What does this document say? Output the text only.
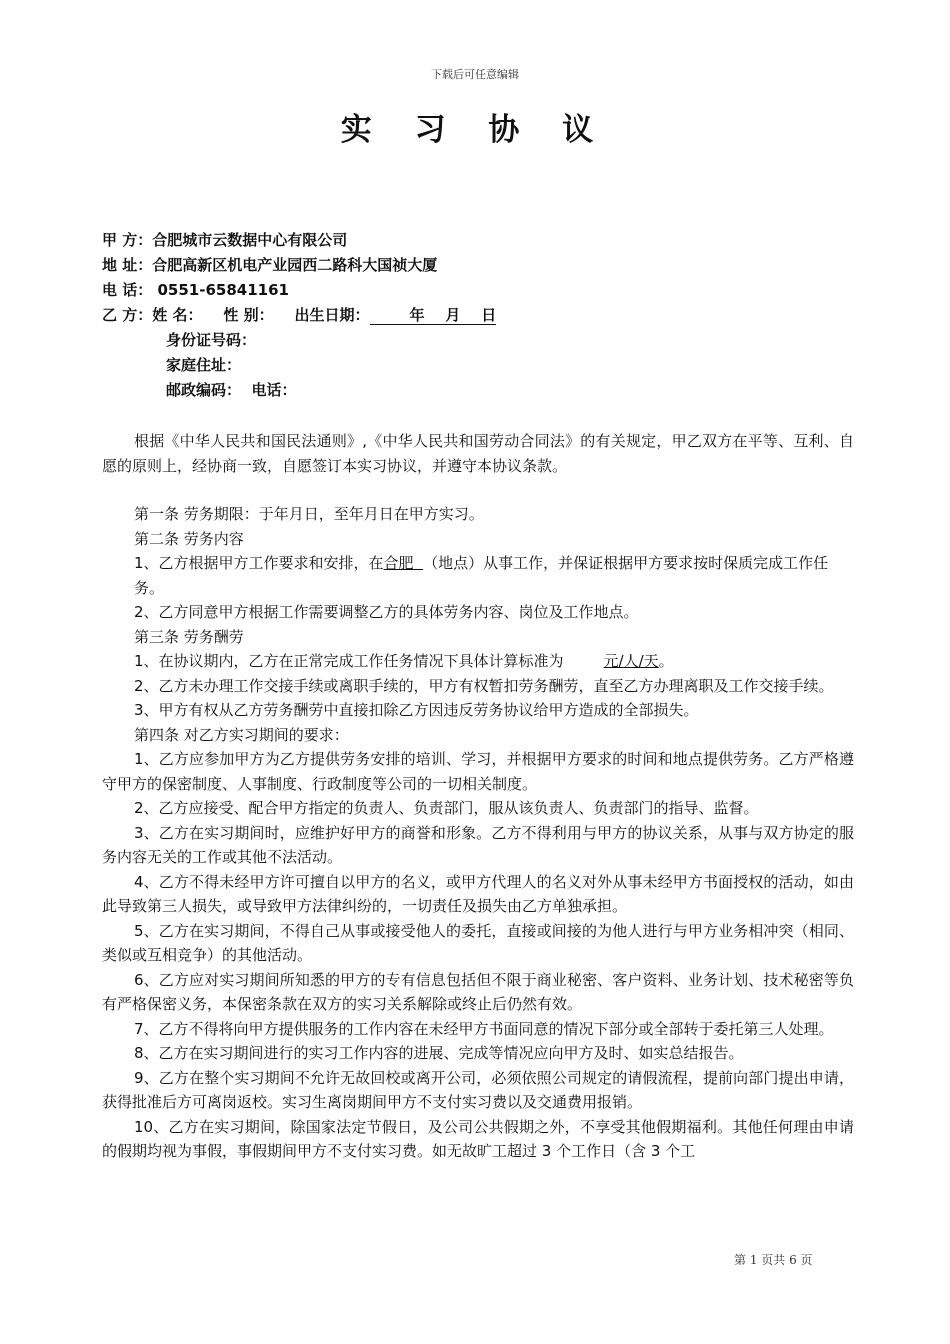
下载后可任意编辑
实 习 协 议
甲 方：合肥城市云数据中心有限公司
地 址：合肥高新区机电产业园西二路科大国祯大厦
电 话： 0551-65841161
乙 方：姓 名： 性 别： 出生日期：	年    月    日
身份证号码：
家庭住址：
邮政编码： 电话：

根据《中华人民共和国民法通则》,《中华人民共和国劳动合同法》的有关规定，甲乙双方在平等、互利、自愿的原则上，经协商一致，自愿签订本实习协议，并遵守本协议条款。

第一条 劳务期限：于年月日，至年月日在甲方实习。

第二条 劳务内容

1、乙方根据甲方工作要求和安排，在合肥  （地点）从事工作，并保证根据甲方要求按时保质完成工作任务。

2、乙方同意甲方根据工作需要调整乙方的具体劳务内容、岗位及工作地点。

第三条 劳务酬劳

1、在协议期内，乙方在正常完成工作任务情况下具体计算标准为	元/人/天。

2、乙方未办理工作交接手续或离职手续的，甲方有权暂扣劳务酬劳，直至乙方办理离职及工作交接手续。

3、甲方有权从乙方劳务酬劳中直接扣除乙方因违反劳务协议给甲方造成的全部损失。

第四条 对乙方实习期间的要求：

1、乙方应参加甲方为乙方提供劳务安排的培训、学习，并根据甲方要求的时间和地点提供劳务。乙方严格遵守甲方的保密制度、人事制度、行政制度等公司的一切相关制度。

2、乙方应接受、配合甲方指定的负责人、负责部门，服从该负责人、负责部门的指导、监督。

3、乙方在实习期间时，应维护好甲方的商誉和形象。乙方不得利用与甲方的协议关系，从事与双方协定的服务内容无关的工作或其他不法活动。

4、乙方不得未经甲方许可擅自以甲方的名义，或甲方代理人的名义对外从事未经甲方书面授权的活动，如由此导致第三人损失，或导致甲方法律纠纷的，一切责任及损失由乙方单独承担。

5、乙方在实习期间，不得自己从事或接受他人的委托，直接或间接的为他人进行与甲方业务相冲突（相同、类似或互相竞争）的其他活动。

6、乙方应对实习期间所知悉的甲方的专有信息包括但不限于商业秘密、客户资料、业务计划、技术秘密等负有严格保密义务，本保密条款在双方的实习关系解除或终止后仍然有效。

7、乙方不得将向甲方提供服务的工作内容在未经甲方书面同意的情况下部分或全部转于委托第三人处理。

8、乙方在实习期间进行的实习工作内容的进展、完成等情况应向甲方及时、如实总结报告。

9、乙方在整个实习期间不允许无故回校或离开公司，必须依照公司规定的请假流程，提前向部门提出申请，获得批准后方可离岗返校。实习生离岗期间甲方不支付实习费以及交通费用报销。

10、乙方在实习期间，除国家法定节假日，及公司公共假期之外，不享受其他假期福利。其他任何理由申请的假期均视为事假，事假期间甲方不支付实习费。如无故旷工超过 3 个工作日（含 3 个工

第 1 页共 6 页
